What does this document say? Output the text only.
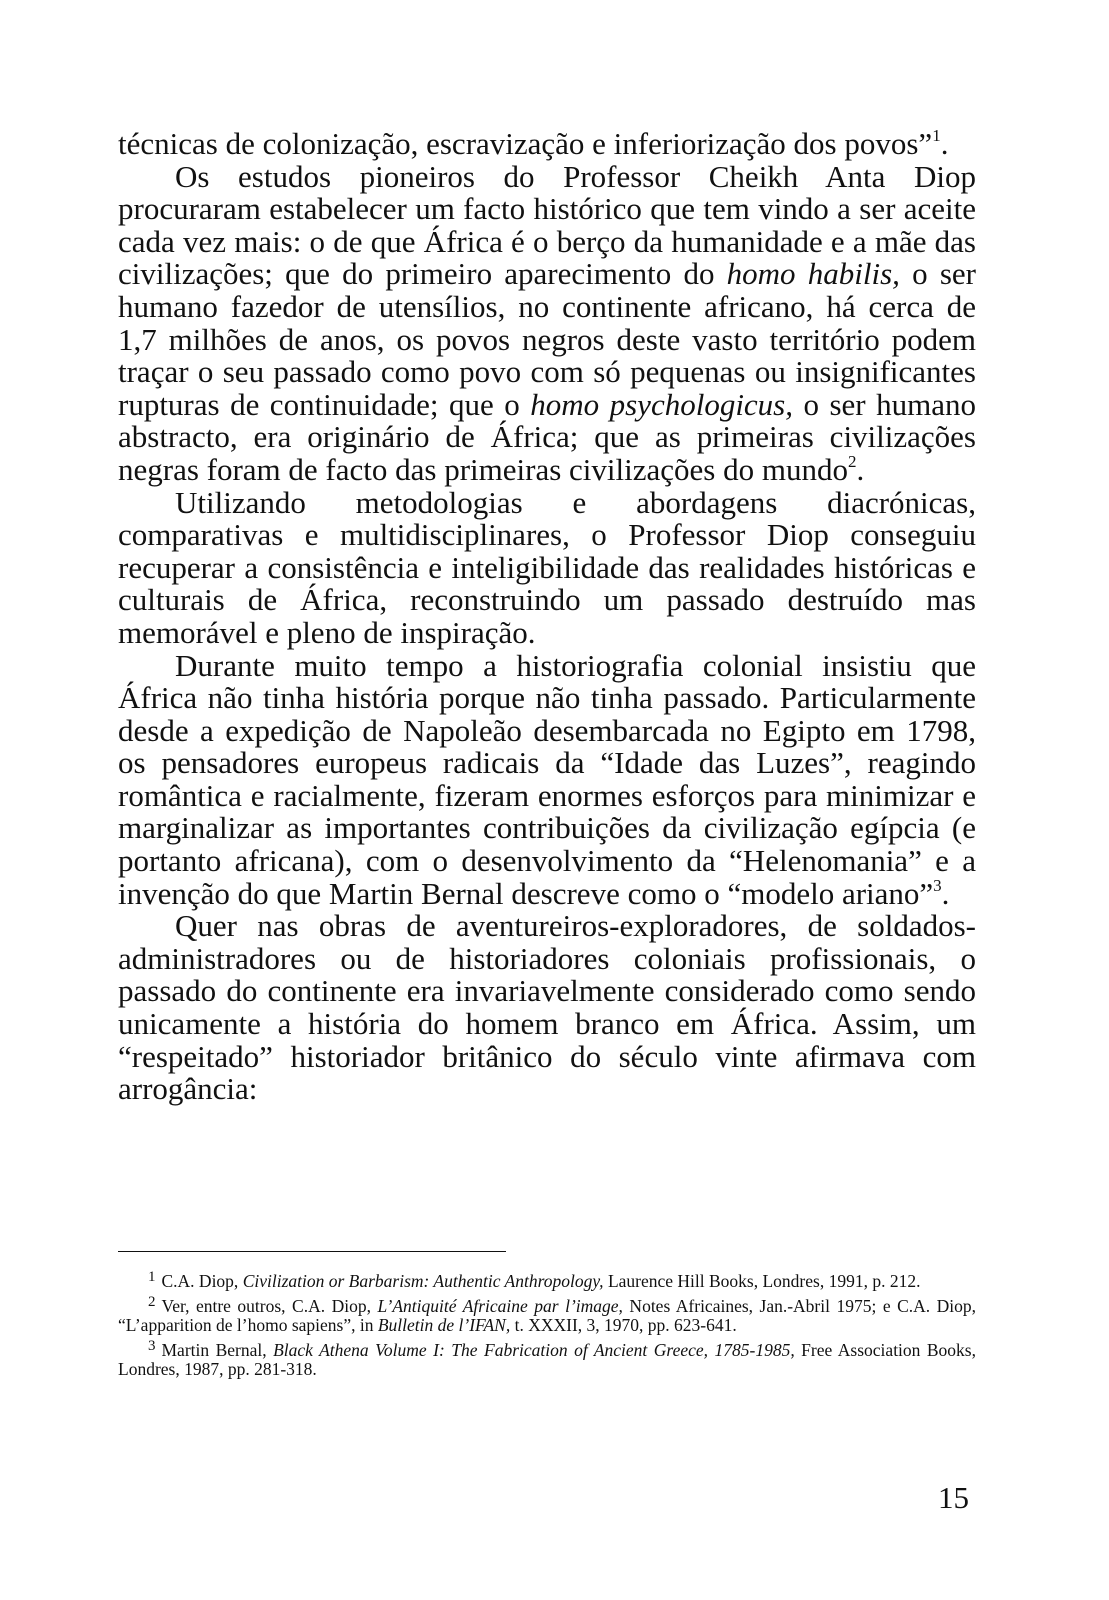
técnicas de colonização, escravização e inferiorização dos povos”$^1$.

Os estudos pioneiros do Professor Cheikh Anta Diop procuraram estabelecer um facto histórico que tem vindo a ser aceite cada vez mais: o de que África é o berço da humanidade e a mãe das civilizações; que do primeiro aparecimento do homo habilis, o ser humano fazedor de utensílios, no continente africano, há cerca de 1,7 milhões de anos, os povos negros deste vasto território podem traçar o seu passado como povo com só pequenas ou insignificantes rupturas de continuidade; que o homo psychologicus, o ser humano abstracto, era originário de África; que as primeiras civilizações negras foram de facto das primeiras civilizações do mundo$^2$.

Utilizando metodologias e abordagens diacrónicas, comparativas e multidisciplinares, o Professor Diop conseguiu recuperar a consistência e inteligibilidade das realidades históricas e culturais de África, reconstruindo um passado destruído mas memorável e pleno de inspiração.

Durante muito tempo a historiografia colonial insistiu que África não tinha história porque não tinha passado. Particularmente desde a expedição de Napoleão desembarcada no Egipto em 1798, os pensadores europeus radicais da “Idade das Luzes”, reagindo romântica e racialmente, fizeram enormes esforços para minimizar e marginalizar as importantes contribuições da civilização egípcia (e portanto africana), com o desenvolvimento da “Helenomania” e a invenção do que Martin Bernal descreve como o “modelo ariano”$^3$.

Quer nas obras de aventureiros-exploradores, de soldados-administradores ou de historiadores coloniais profissionais, o passado do continente era invariavelmente considerado como sendo unicamente a história do homem branco em África. Assim, um “respeitado” historiador britânico do século vinte afirmava com arrogância:

1 C.A. Diop, Civilization or Barbarism: Authentic Anthropology, Laurence Hill Books, Londres, 1991, p. 212.

2 Ver, entre outros, C.A. Diop, L’Antiquité Africaine par l’image, Notes Africaines, Jan.-Abril 1975; e C.A. Diop, “L’apparition de l’homo sapiens”, in Bulletin de l’IFAN, t. XXXII, 3, 1970, pp. 623-641.

3 Martin Bernal, Black Athena Volume I: The Fabrication of Ancient Greece, 1785-1985, Free Association Books, Londres, 1987, pp. 281-318.

15
